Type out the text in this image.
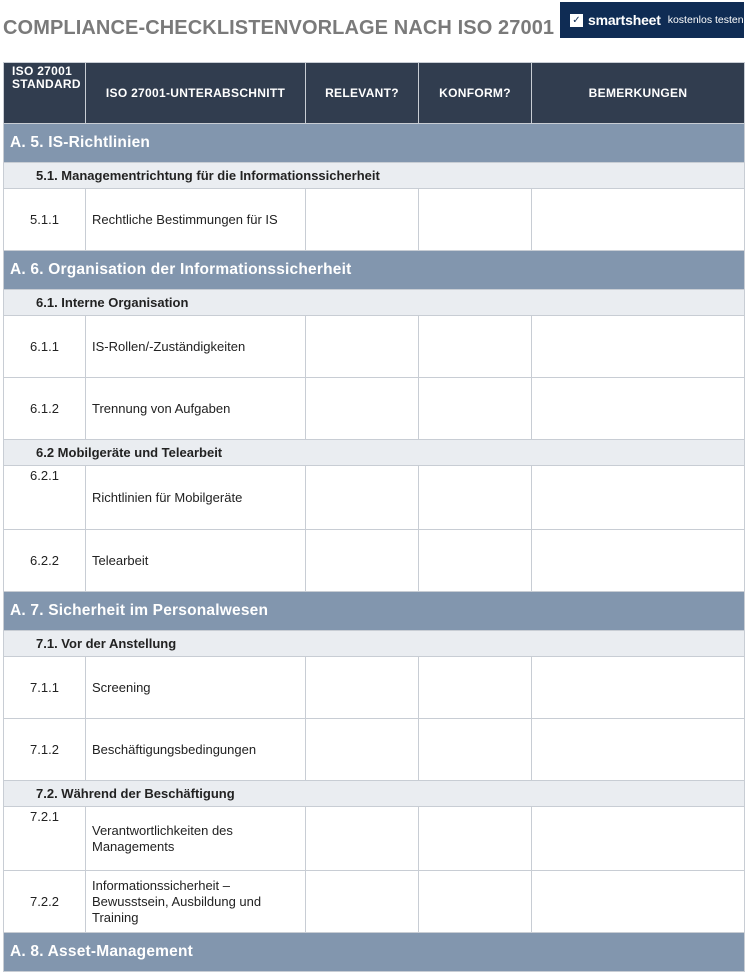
COMPLIANCE-CHECKLISTENVORLAGE NACH ISO 27001 ✓ smartsheet kostenlos testen
ISO 27001 STANDARD	ISO 27001-UNTERABSCHNITT	RELEVANT?	KONFORM?	BEMERKUNGEN
A. 5. IS-Richtlinien				
5.1. Managementrichtung für die Informationssicherheit				
5.1.1	Rechtliche Bestimmungen für IS			
A. 6. Organisation der Informationssicherheit				
6.1. Interne Organisation				
6.1.1	IS-Rollen/-Zuständigkeiten			
6.1.2	Trennung von Aufgaben			
6.2 Mobilgeräte und Telearbeit				
6.2.1	Richtlinien für Mobilgeräte			
6.2.2	Telearbeit			
A. 7. Sicherheit im Personalwesen				
7.1. Vor der Anstellung				
7.1.1	Screening			
7.1.2	Beschäftigungsbedingungen			
7.2. Während der Beschäftigung				
7.2.1	Verantwortlichkeiten des Managements			
7.2.2	Informationssicherheit – Bewusstsein, Ausbildung und Training			
A. 8. Asset-Management				
